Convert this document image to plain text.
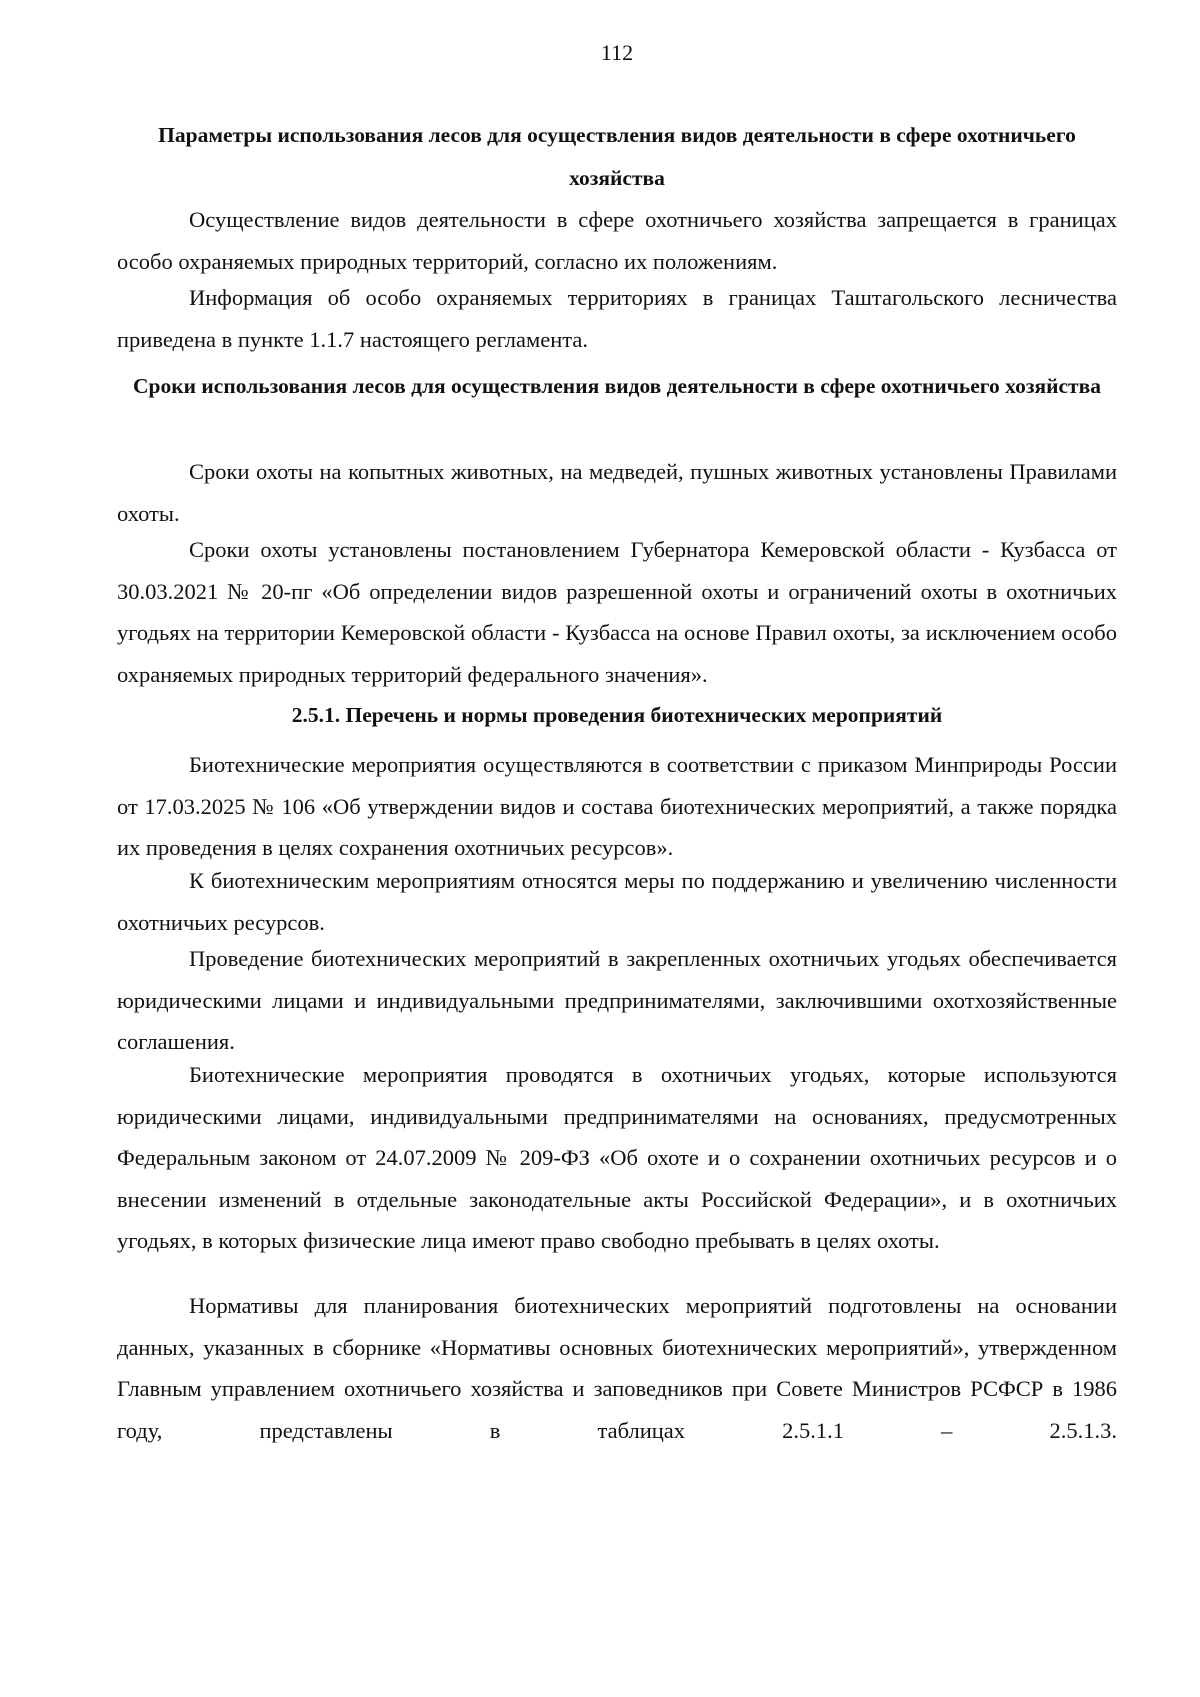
112
Параметры использования лесов для осуществления видов деятельности в сфере охотничьего хозяйства

Осуществление видов деятельности в сфере охотничьего хозяйства запрещается в границах особо охраняемых природных территорий, согласно их положениям.

Информация об особо охраняемых территориях в границах Таштагольского лесничества приведена в пункте 1.1.7 настоящего регламента.

Сроки использования лесов для осуществления видов деятельности в сфере охотничьего хозяйства

Сроки охоты на копытных животных, на медведей, пушных животных установлены Правилами охоты.

Сроки охоты установлены постановлением Губернатора Кемеровской области - Кузбасса от 30.03.2021 № 20-пг «Об определении видов разрешенной охоты и ограничений охоты в охотничьих угодьях на территории Кемеровской области - Кузбасса на основе Правил охоты, за исключением особо охраняемых природных территорий федерального значения».

2.5.1. Перечень и нормы проведения биотехнических мероприятий

Биотехнические мероприятия осуществляются в соответствии с приказом Минприроды России от 17.03.2025 № 106 «Об утверждении видов и состава биотехнических мероприятий, а также порядка их проведения в целях сохранения охотничьих ресурсов».

К биотехническим мероприятиям относятся меры по поддержанию и увеличению численности охотничьих ресурсов.

Проведение биотехнических мероприятий в закрепленных охотничьих угодьях обеспечивается юридическими лицами и индивидуальными предпринимателями, заключившими охотхозяйственные соглашения.

Биотехнические мероприятия проводятся в охотничьих угодьях, которые используются юридическими лицами, индивидуальными предпринимателями на основаниях, предусмотренных Федеральным законом от 24.07.2009 № 209-ФЗ «Об охоте и о сохранении охотничьих ресурсов и о внесении изменений в отдельные законодательные акты Российской Федерации», и в охотничьих угодьях, в которых физические лица имеют право свободно пребывать в целях охоты.

Нормативы для планирования биотехнических мероприятий подготовлены на основании данных, указанных в сборнике «Нормативы основных биотехнических мероприятий», утвержденном Главным управлением охотничьего хозяйства и заповедников при Совете Министров РСФСР в 1986 году, представлены в таблицах 2.5.1.1 – 2.5.1.3.
